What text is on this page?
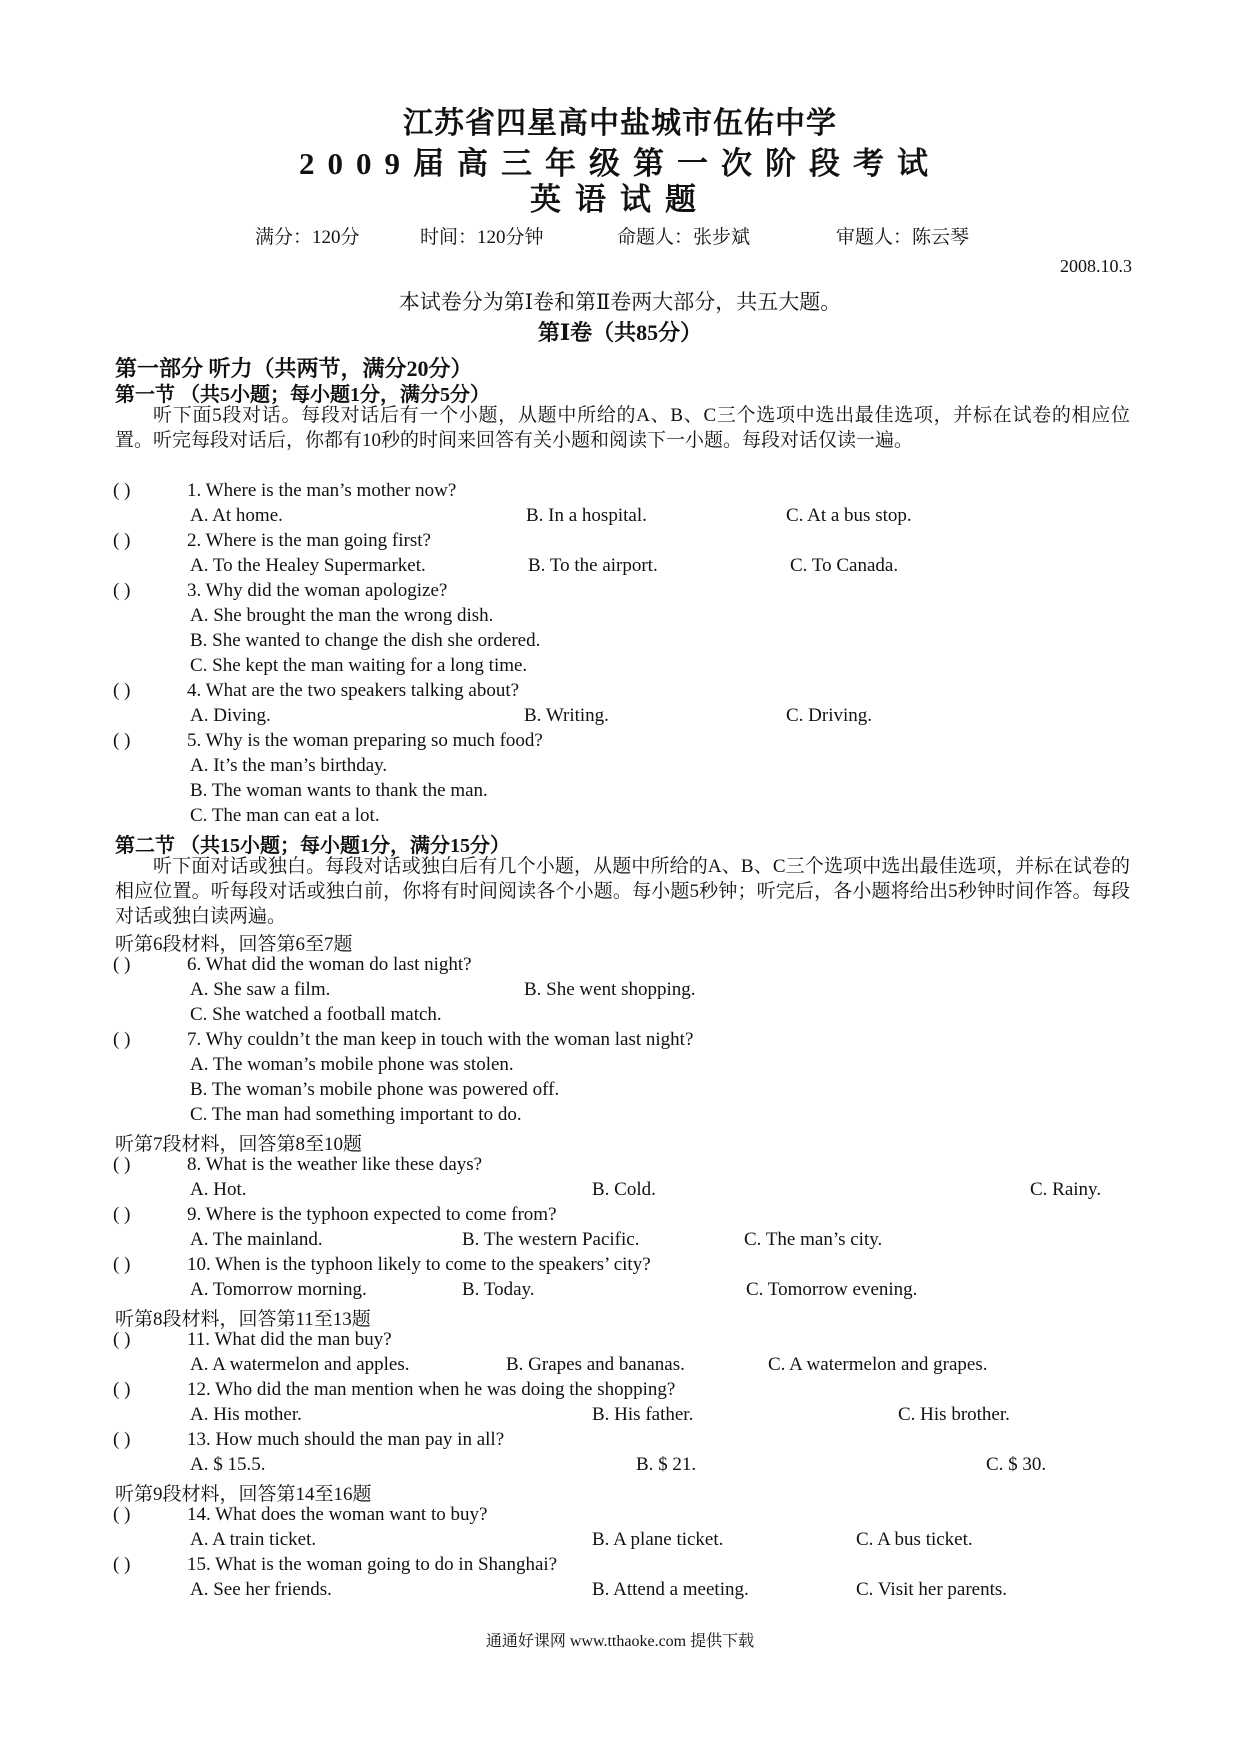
江苏省四星高中盐城市伍佑中学
2009届高三年级第一次阶段考试
英语试题
满分：120分	时间：120分钟	命题人：张步斌	审题人：陈云琴
2008.10.3
本试卷分为第Ⅰ卷和第Ⅱ卷两大部分，共五大题。
第Ⅰ卷（共85分）
第一部分 听力（共两节，满分20分）
第一节 （共5小题；每小题1分，满分5分）
听下面5段对话。每段对话后有一个小题，从题中所给的A、B、C三个选项中选出最佳选项，并标在试卷的相应位置。听完每段对话后，你都有10秒的时间来回答有关小题和阅读下一小题。每段对话仅读一遍。
( )	1. Where is the man’s mother now?
A. At home.	B. In a hospital.	C. At a bus stop.
( )	2. Where is the man going first?
A. To the Healey Supermarket.	B. To the airport.	C. To Canada.
( )	3. Why did the woman apologize?
A. She brought the man the wrong dish.
B. She wanted to change the dish she ordered.
C. She kept the man waiting for a long time.
( )	4. What are the two speakers talking about?
A. Diving.	B. Writing.	C. Driving.
( )	5. Why is the woman preparing so much food?
A. It’s the man’s birthday.
B. The woman wants to thank the man.
C. The man can eat a lot.
第二节 （共15小题；每小题1分，满分15分）
听下面对话或独白。每段对话或独白后有几个小题，从题中所给的A、B、C三个选项中选出最佳选项，并标在试卷的相应位置。听每段对话或独白前，你将有时间阅读各个小题。每小题5秒钟；听完后，各小题将给出5秒钟时间作答。每段对话或独白读两遍。
听第6段材料，回答第6至7题
( )	6. What did the woman do last night?
A. She saw a film.	B. She went shopping.
C. She watched a football match.
( )	7. Why couldn’t the man keep in touch with the woman last night?
A. The woman’s mobile phone was stolen.
B. The woman’s mobile phone was powered off.
C. The man had something important to do.
听第7段材料，回答第8至10题
( )	8. What is the weather like these days?
A. Hot.	B. Cold.	C. Rainy.
( )	9. Where is the typhoon expected to come from?
A. The mainland.	B. The western Pacific.	C. The man’s city.
( )	10. When is the typhoon likely to come to the speakers’ city?
A. Tomorrow morning.	B. Today.	C. Tomorrow evening.
听第8段材料，回答第11至13题
( )	11. What did the man buy?
A. A watermelon and apples.	B. Grapes and bananas.	C. A watermelon and grapes.
( )	12. Who did the man mention when he was doing the shopping?
A. His mother.	B. His father.	C. His brother.
( )	13. How much should the man pay in all?
A. $ 15.5.	B. $ 21.	C. $ 30.
听第9段材料，回答第14至16题
( )	14. What does the woman want to buy?
A. A train ticket.	B. A plane ticket.	C. A bus ticket.
( )	15. What is the woman going to do in Shanghai?
A. See her friends.	B. Attend a meeting.	C. Visit her parents.
通通好课网 www.tthaoke.com 提供下载
